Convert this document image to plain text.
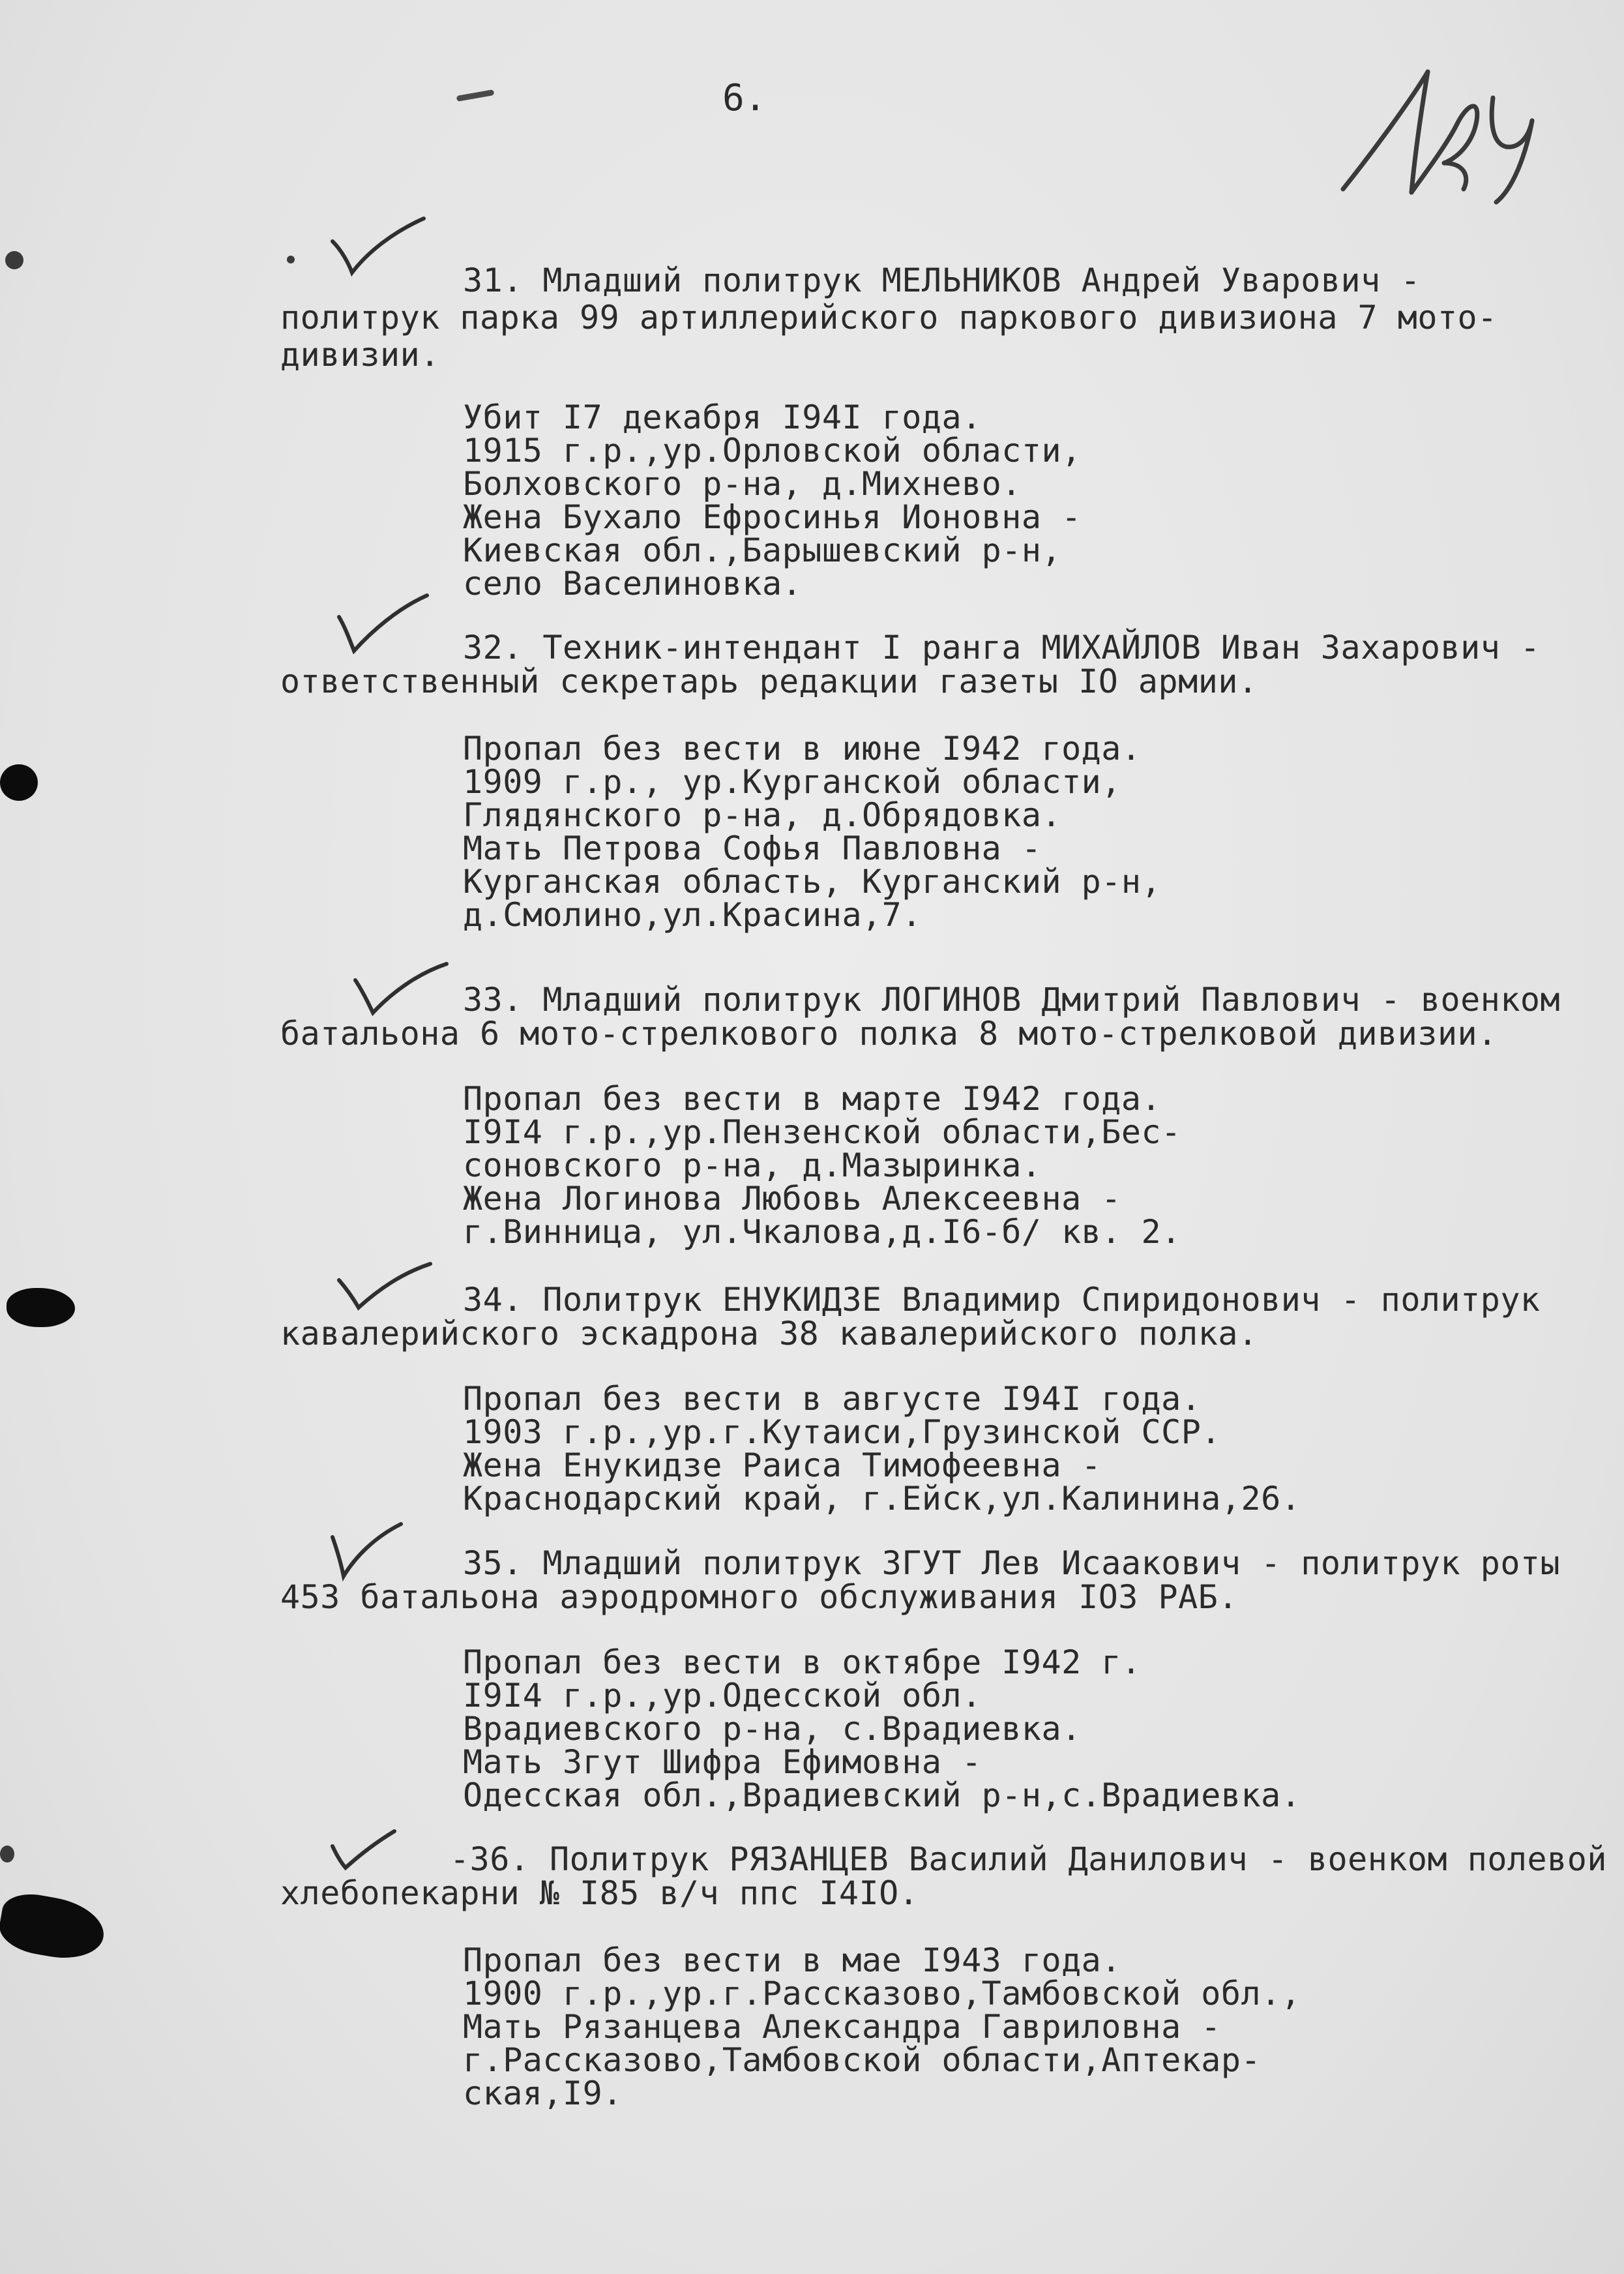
6.
31. Младший политрук МЕЛЬНИКОВ Андрей Уварович -
политрук парка 99 артиллерийского паркового дивизиона 7 мото-
дивизии.
Убит I7 декабря I94I года.
1915 г.р.,ур.Орловской области,
Болховского р-на, д.Михнево.
Жена Бухало Ефросинья Ионовна -
Киевская обл.,Барышевский р-н,
село Васелиновка.
32. Техник-интендант I ранга МИХАЙЛОВ Иван Захарович -
ответственный секретарь редакции газеты IO армии.
Пропал без вести в июне I942 года.
1909 г.р., ур.Курганской области,
Глядянского р-на, д.Обрядовка.
Мать Петрова Софья Павловна -
Курганская область, Курганский р-н,
д.Смолино,ул.Красина,7.
33. Младший политрук ЛОГИНОВ Дмитрий Павлович - военком
батальона 6 мото-стрелкового полка 8 мото-стрелковой дивизии.
Пропал без вести в марте I942 года.
I9I4 г.р.,ур.Пензенской области,Бес-
соновского р-на, д.Мазыринка.
Жена Логинова Любовь Алексеевна -
г.Винница, ул.Чкалова,д.I6-б/ кв. 2.
34. Политрук ЕНУКИДЗЕ Владимир Спиридонович - политрук
кавалерийского эскадрона 38 кавалерийского полка.
Пропал без вести в августе I94I года.
1903 г.р.,ур.г.Кутаиси,Грузинской ССР.
Жена Енукидзе Раиса Тимофеевна -
Краснодарский край, г.Ейск,ул.Калинина,26.
35. Младший политрук ЗГУТ Лев Исаакович - политрук роты
453 батальона аэродромного обслуживания IO3 РАБ.
Пропал без вести в октябре I942 г.
I9I4 г.р.,ур.Одесской обл.
Врадиевского р-на, с.Врадиевка.
Мать Згут Шифра Ефимовна -
Одесская обл.,Врадиевский р-н,с.Врадиевка.
-36. Политрук РЯЗАНЦЕВ Василий Данилович - военком полевой
хлебопекарни № I85 в/ч ппс I4IO.
Пропал без вести в мае I943 года.
1900 г.р.,ур.г.Рассказово,Тамбовской обл.,
Мать Рязанцева Александра Гавриловна -
г.Рассказово,Тамбовской области,Аптекар-
ская,I9.
